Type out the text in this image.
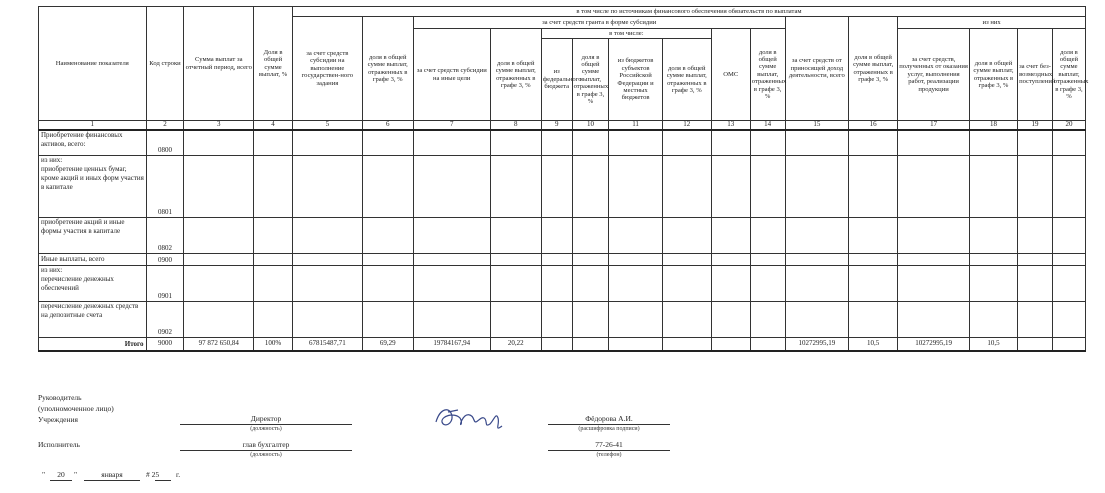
Наименование показателя	Код строки	Сумма выплат за отчетный период, всего	Доля в общей сумме выплат, %	в том числе по источникам финансового обеспечения обязательств по выплатам															
				за счет средств субсидии на выполнение государствен-ного задания	доля в общей сумме выплат, отраженных в графе 3, %	за счет средств гранта в форме субсидии								за счет средств от приносящей доход деятельности, всего	доля в общей сумме выплат, отраженных в графе 3, %	из них			
						за счет средств субсидии на иные цели	доля в общей сумме выплат, отраженных в графе 3, %	в том числе:				ОМС	доля в общей сумме выплат, отраженных в графе 3, %			за счет средств, полученных от оказания услуг, выполнения работ, реализации продукции	доля в общей сумме выплат, отраженных в графе 3, %	за счет без-возмездных поступлений	доля в общей сумме выплат, отраженных в графе 3, %
								из федерального бюджета	доля в общей сумме выплат, отраженных в графе 3, %	из бюджетов субъектов Российской Федерации и местных бюджетов	доля в общей сумме выплат, отраженных в графе 3, %								
1	2	3	4	5	6	7	8	9	10	11	12	13	14	15	16	17	18	19	20
Приобретение финансовых активов, всего:	0800																		
из них:
приобретение ценных бумаг, кроме акций и иных форм участия в капитале	0801																		
приобретение акций и иные формы участия в капитале	0802																		
Иные выплаты, всего	0900																		
из них:
перечисление денежных обеспечений	0901																		
перечисление денежных средств на депозитные счета	0902																		
Итого	9000	97 872 650,84	100%	67815487,71	69,29	19784167,94	20,22							10272995,19	10,5	10272995,19	10,5		
Руководитель
(уполномоченное лицо)
Учреждения	Директор
(должность)
Фёдорова А.И.
(расшифровка подписи)
Исполнитель	глав бухгалтер
(должность)
77-26-41
(телефон)
"	20	"	января	# 25 г.
